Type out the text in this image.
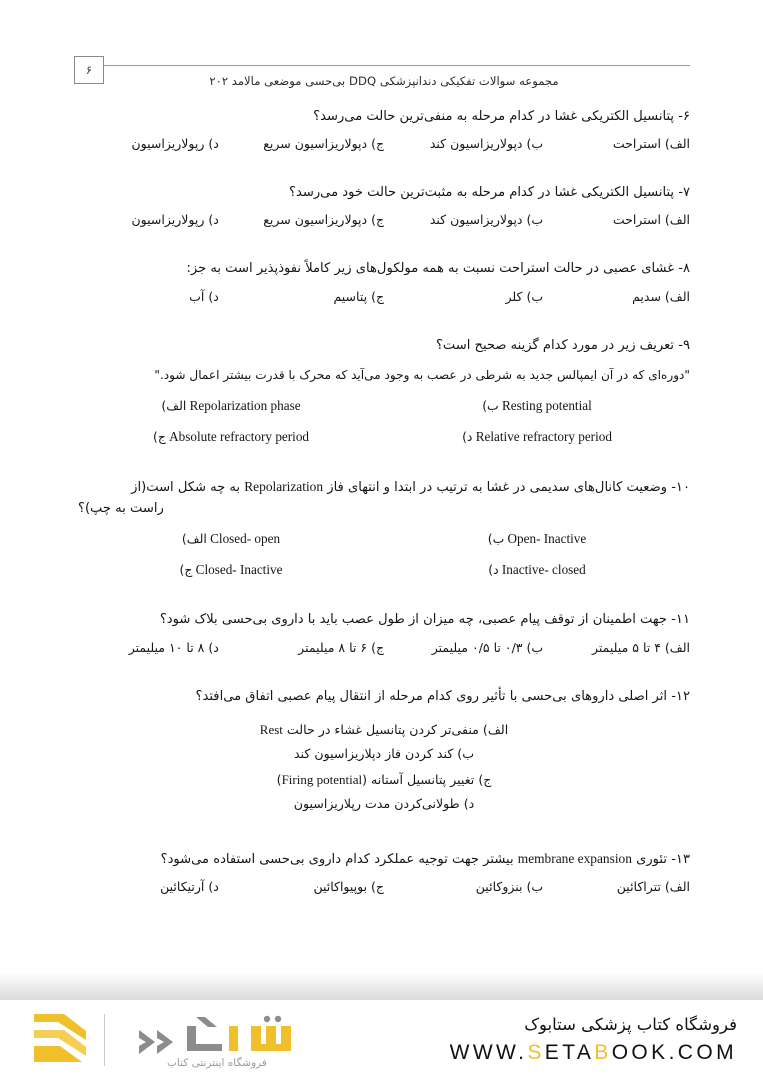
۶
مجموعه سوالات تفکیکی دندانپزشکی DDQ بی‌حسی موضعی مالامد ۲۰۲
۶- پتانسیل الکتریکی غشا در کدام مرحله به منفی‌ترین حالت می‌رسد؟
الف) استراحت
ب) دپولاریزاسیون کند
ج) دپولاریزاسیون سریع
د) رپولاریزاسیون
۷- پتانسیل الکتریکی غشا در کدام مرحله به مثبت‌ترین حالت خود می‌رسد؟
الف) استراحت
ب) دپولاریزاسیون کند
ج) دپولاریزاسیون سریع
د) رپولاریزاسیون
۸- غشای عصبی در حالت استراحت نسبت به همه مولکول‌های زیر کاملاً نفوذپذیر است به جز:
الف) سدیم
ب) کلر
ج) پتاسیم
د) آب
۹- تعریف زیر در مورد کدام گزینه صحیح است؟
"دوره‌ای که در آن ایمپالس جدید به شرطی در عصب به وجود می‌آید که محرک با قدرت بیشتر اعمال شود."
Resting potential ب)
Repolarization phase الف)
Relative refractory period د)
Absolute refractory period ج)
۱۰- وضعیت کانال‌های سدیمی در غشا به ترتیب در ابتدا و انتهای فاز Repolarization به چه شکل است(از
راست به چپ)؟
Open- Inactive ب)
Closed- open الف)
Inactive- closed د)
Closed- Inactive ج)
۱۱- جهت اطمینان از توقف پیام عصبی، چه میزان از طول عصب باید با داروی بی‌حسی بلاک شود؟
الف) ۴ تا ۵ میلیمتر
ب) ۰/۳ تا ۰/۵ میلیمتر
ج) ۶ تا ۸ میلیمتر
د) ۸ تا ۱۰ میلیمتر
۱۲- اثر اصلی داروهای بی‌حسی با تأثیر روی کدام مرحله از انتقال پیام عصبی اتفاق می‌افتد؟
الف) منفی‌تر کردن پتانسیل غشاء در حالت Rest
ب) کند کردن فاز دپلاریزاسیون کند
ج) تغییر پتانسیل آستانه (Firing potential)
د) طولانی‌کردن مدت رپلاریزاسیون
۱۳- تئوری membrane expansion بیشتر جهت توجیه عملکرد کدام داروی بی‌حسی استفاده می‌شود؟
الف) تتراکائین
ب) بنزوکائین
ج) بوپیواکائین
د) آرتیکائین
فروشگاه کتاب پزشکی ستابوک
WWW.SETABOOK.COM
فروشگاه اینترنتی کتاب
